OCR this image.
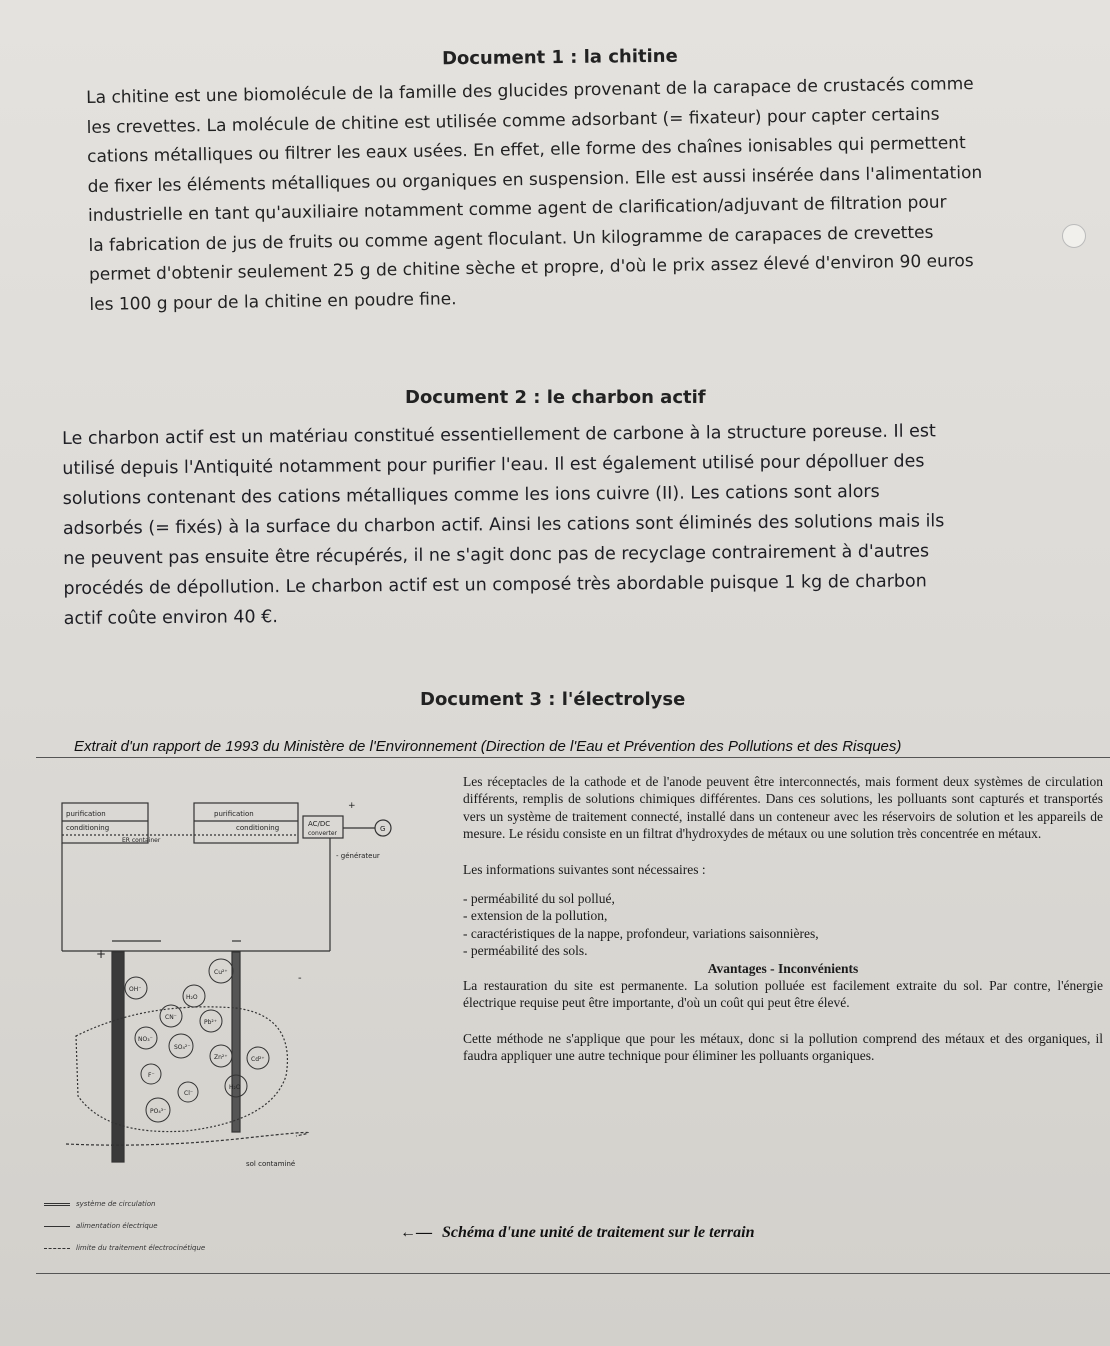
Document 1 : la chitine
La chitine est une biomolécule de la famille des glucides provenant de la carapace de crustacés comme
les crevettes. La molécule de chitine est utilisée comme adsorbant (= fixateur) pour capter certains
cations métalliques ou filtrer les eaux usées. En effet, elle forme des chaînes ionisables qui permettent
de fixer les éléments métalliques ou organiques en suspension. Elle est aussi insérée dans l'alimentation
industrielle en tant qu'auxiliaire notamment comme agent de clarification/adjuvant de filtration pour
la fabrication de jus de fruits ou comme agent floculant. Un kilogramme de carapaces de crevettes
permet d'obtenir seulement 25 g de chitine sèche et propre, d'où le prix assez élevé d'environ 90 euros
les 100 g pour de la chitine en poudre fine.
Document 2 : le charbon actif
Le charbon actif est un matériau constitué essentiellement de carbone à la structure poreuse. Il est
utilisé depuis l'Antiquité notamment pour purifier l'eau. Il est également utilisé pour dépolluer des
solutions contenant des cations métalliques comme les ions cuivre (II). Les cations sont alors
adsorbés (= fixés) à la surface du charbon actif. Ainsi les cations sont éliminés des solutions mais ils
ne peuvent pas ensuite être récupérés, il ne s'agit donc pas de recyclage contrairement à d'autres
procédés de dépollution. Le charbon actif est un composé très abordable puisque 1 kg de charbon
actif coûte environ 40 €.
Document 3 : l'électrolyse
Extrait d'un rapport de 1993 du Ministère de l'Environnement (Direction de l'Eau et Prévention des Pollutions et des Risques)
purification	purification
conditioning	conditioning
ER container
AC/DC
converter
G
+
-
- générateur
+
Cu²⁺
OH⁻
H₂O
CN⁻
Pb²⁺
NO₃⁻
SO₄²⁻
Zn²⁺	Cd²⁺
F⁻
H₂O
Cl⁻
PO₄³⁻
sol contaminé
système de circulation
alimentation électrique
limite du traitement électrocinétique

Les réceptacles de la cathode et de l'anode peuvent être interconnectés, mais forment deux systèmes de circulation différents, remplis de solutions chimiques différentes. Dans ces solutions, les polluants sont capturés et transportés vers un système de traitement connecté, installé dans un conteneur avec les réservoirs de solution et les appareils de mesure. Le résidu consiste en un filtrat d'hydroxydes de métaux ou une solution très concentrée en métaux.

Les informations suivantes sont nécessaires :

- perméabilité du sol pollué,
- extension de la pollution,
- caractéristiques de la nappe, profondeur, variations saisonnières,
- perméabilité des sols.

Avantages - Inconvénients

La restauration du site est permanente. La solution polluée est facilement extraite du sol. Par contre, l'énergie électrique requise peut être importante, d'où un coût qui peut être élevé.

Cette méthode ne s'applique que pour les métaux, donc si la pollution comprend des métaux et des organiques, il faudra appliquer une autre technique pour éliminer les polluants organiques.

←— Schéma d'une unité de traitement sur le terrain
